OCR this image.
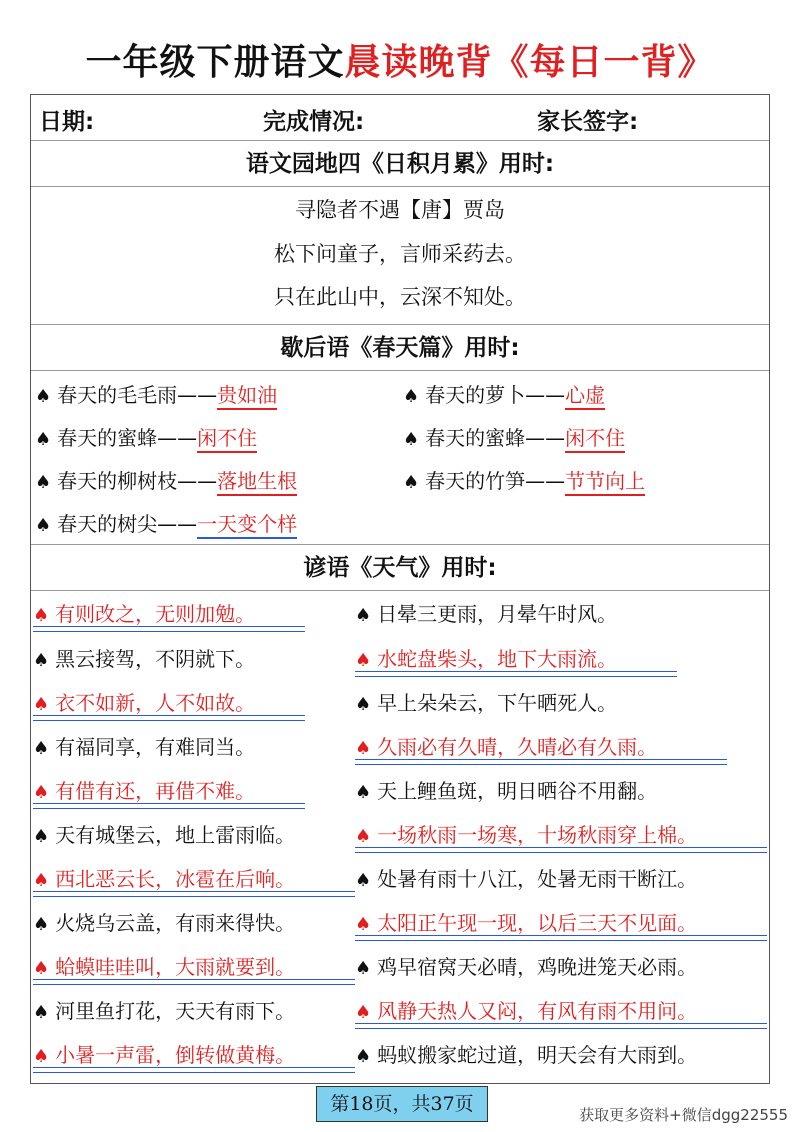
一年级下册语文晨读晚背《每日一背》
日期:	完成情况:	家长签字:
语文园地四《日积月累》用时:
寻隐者不遇【唐】贾岛
松下问童子，言师采药去。
只在此山中，云深不知处。
歇后语《春天篇》用时:
♠ 春天的毛毛雨——贵如油	♠ 春天的萝卜——心虚
♠ 春天的蜜蜂——闲不住	♠ 春天的蜜蜂——闲不住
♠ 春天的柳树枝——落地生根	♠ 春天的竹笋——节节向上
♠ 春天的树尖——一天变个样
谚语《天气》用时:
♠ 有则改之，无则加勉。
♠ 黑云接驾，不阴就下。
♠ 衣不如新，人不如故。
♠ 有福同享，有难同当。
♠ 有借有还，再借不难。
♠ 天有城堡云，地上雷雨临。
♠ 西北恶云长，冰雹在后响。
♠ 火烧乌云盖，有雨来得快。
♠ 蛤蟆哇哇叫，大雨就要到。
♠ 河里鱼打花，天天有雨下。
♠ 小暑一声雷，倒转做黄梅。
♠ 日晕三更雨，月晕午时风。
♠ 水蛇盘柴头，地下大雨流。
♠ 早上朵朵云，下午晒死人。
♠ 久雨必有久晴，久晴必有久雨。
♠ 天上鲤鱼斑，明日晒谷不用翻。
♠ 一场秋雨一场寒，十场秋雨穿上棉。
♠ 处暑有雨十八江，处暑无雨干断江。
♠ 太阳正午现一现，以后三天不见面。
♠ 鸡早宿窝天必晴，鸡晚进笼天必雨。
♠ 风静天热人又闷，有风有雨不用问。
♠ 蚂蚁搬家蛇过道，明天会有大雨到。
第18页，共37页	获取更多资料+微信dgg22555
